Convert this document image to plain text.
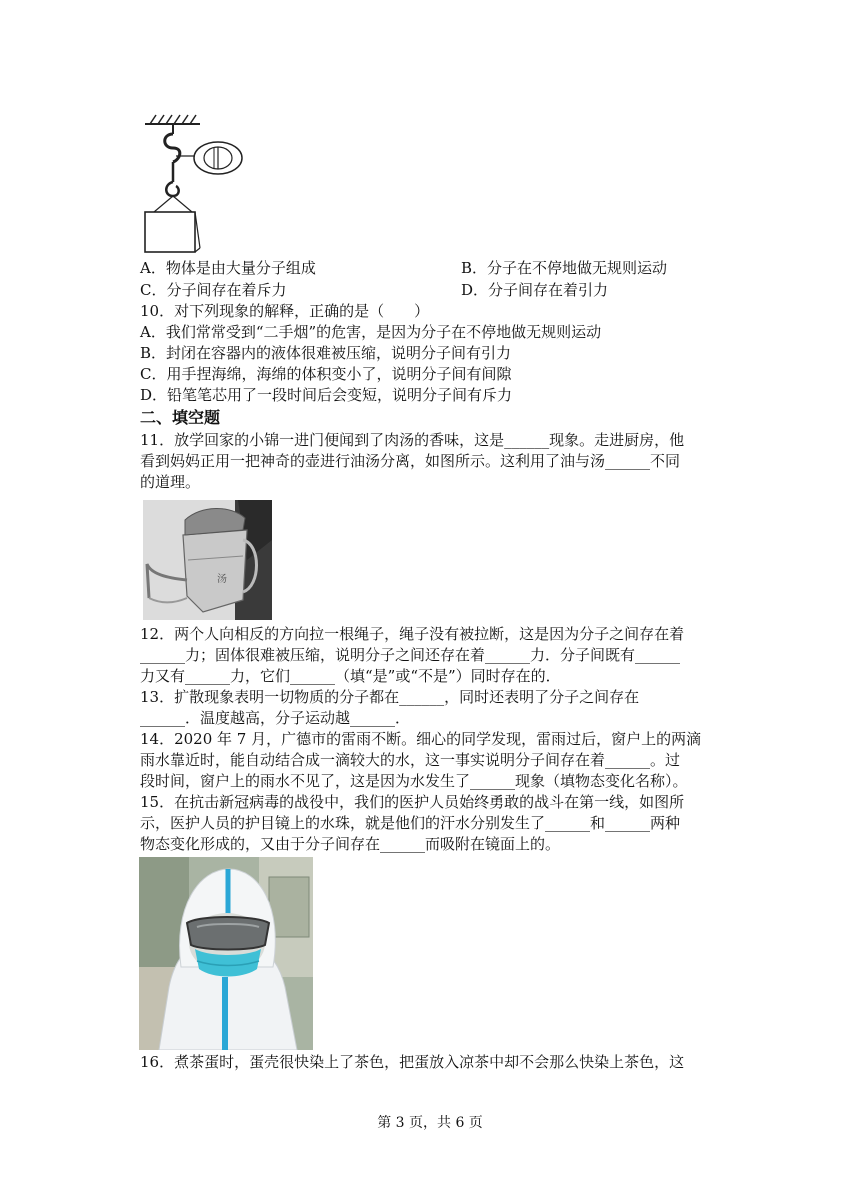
A．物体是由大量分子组成	B．分子在不停地做无规则运动
C．分子间存在着斥力	D．分子间存在着引力
10．对下列现象的解释，正确的是（　　）
A．我们常常受到“二手烟”的危害，是因为分子在不停地做无规则运动
B．封闭在容器内的液体很难被压缩，说明分子间有引力
C．用手捏海绵，海绵的体积变小了，说明分子间有间隙
D．铅笔笔芯用了一段时间后会变短，说明分子间有斥力
二、填空题
11．放学回家的小锦一进门便闻到了肉汤的香味，这是______现象。走进厨房，他
看到妈妈正用一把神奇的壶进行油汤分离，如图所示。这利用了油与汤______不同
的道理。
汤
12．两个人向相反的方向拉一根绳子，绳子没有被拉断，这是因为分子之间存在着
______力；固体很难被压缩，说明分子之间还存在着______力．分子间既有______
力又有______力，它们______（填“是”或“不是”）同时存在的．
13．扩散现象表明一切物质的分子都在______，同时还表明了分子之间存在
______．温度越高，分子运动越______．
14．2020 年 7 月，广德市的雷雨不断。细心的同学发现，雷雨过后，窗户上的两滴
雨水靠近时，能自动结合成一滴较大的水，这一事实说明分子间存在着______。过
段时间，窗户上的雨水不见了，这是因为水发生了______现象（填物态变化名称）。
15．在抗击新冠病毒的战役中，我们的医护人员始终勇敢的战斗在第一线，如图所
示，医护人员的护目镜上的水珠，就是他们的汗水分别发生了______和______两种
物态变化形成的，又由于分子间存在______而吸附在镜面上的。
16．煮茶蛋时，蛋壳很快染上了茶色，把蛋放入凉茶中却不会那么快染上茶色，这
第 3 页，共 6 页
